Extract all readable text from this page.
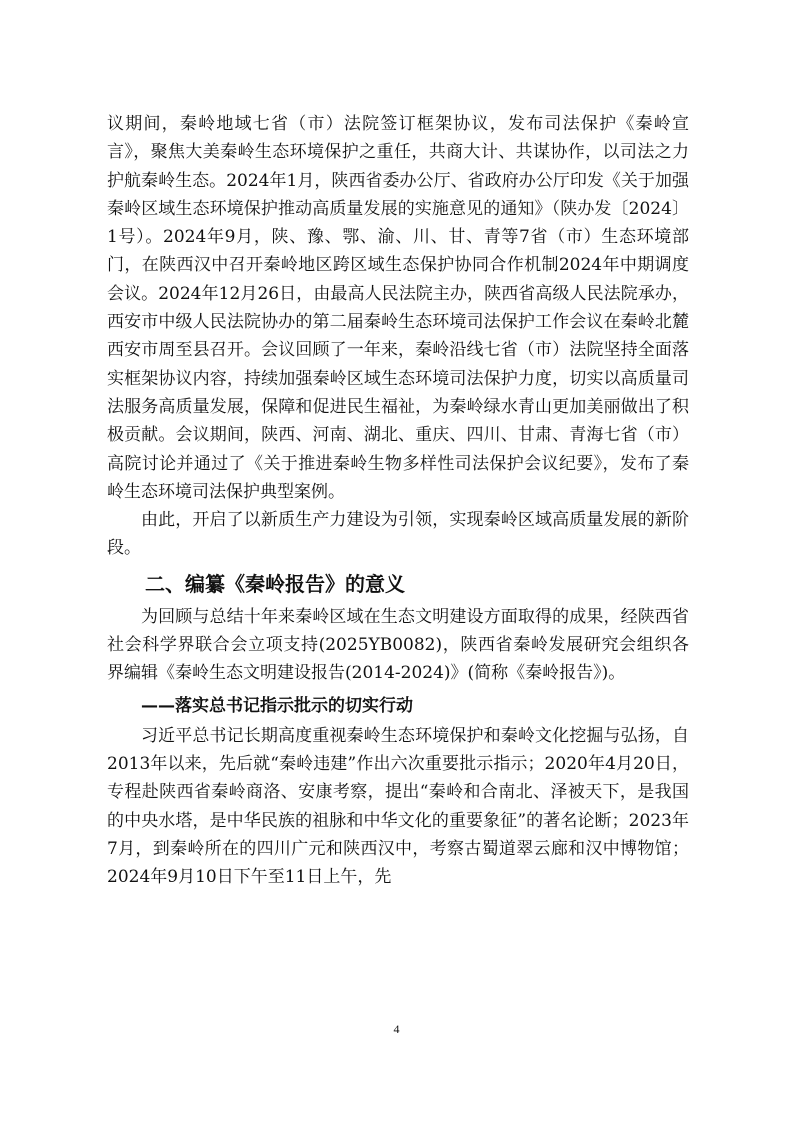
议期间，秦岭地域七省（市）法院签订框架协议，发布司法保护《秦岭宣言》，聚焦大美秦岭生态环境保护之重任，共商大计、共谋协作，以司法之力护航秦岭生态。2024年1月，陕西省委办公厅、省政府办公厅印发《关于加强秦岭区域生态环境保护推动高质量发展的实施意见的通知》（陕办发〔2024〕1号）。2024年9月，陕、豫、鄂、渝、川、甘、青等7省（市）生态环境部门，在陕西汉中召开秦岭地区跨区域生态保护协同合作机制2024年中期调度会议。2024年12月26日，由最高人民法院主办，陕西省高级人民法院承办，西安市中级人民法院协办的第二届秦岭生态环境司法保护工作会议在秦岭北麓西安市周至县召开。会议回顾了一年来，秦岭沿线七省（市）法院坚持全面落实框架协议内容，持续加强秦岭区域生态环境司法保护力度，切实以高质量司法服务高质量发展，保障和促进民生福祉，为秦岭绿水青山更加美丽做出了积极贡献。会议期间，陕西、河南、湖北、重庆、四川、甘肃、青海七省（市）高院讨论并通过了《关于推进秦岭生物多样性司法保护会议纪要》，发布了秦岭生态环境司法保护典型案例。

由此，开启了以新质生产力建设为引领，实现秦岭区域高质量发展的新阶段。

二、编纂《秦岭报告》的意义

为回顾与总结十年来秦岭区域在生态文明建设方面取得的成果，经陕西省社会科学界联合会立项支持(2025YB0082)，陕西省秦岭发展研究会组织各界编辑《秦岭生态文明建设报告(2014-2024)》(简称《秦岭报告》)。

——落实总书记指示批示的切实行动

习近平总书记长期高度重视秦岭生态环境保护和秦岭文化挖掘与弘扬，自2013年以来，先后就“秦岭违建”作出六次重要批示指示；2020年4月20日，专程赴陕西省秦岭商洛、安康考察，提出“秦岭和合南北、泽被天下，是我国的中央水塔，是中华民族的祖脉和中华文化的重要象征”的著名论断；2023年7月，到秦岭所在的四川广元和陕西汉中，考察古蜀道翠云廊和汉中博物馆；2024年9月10日下午至11日上午，先

4
